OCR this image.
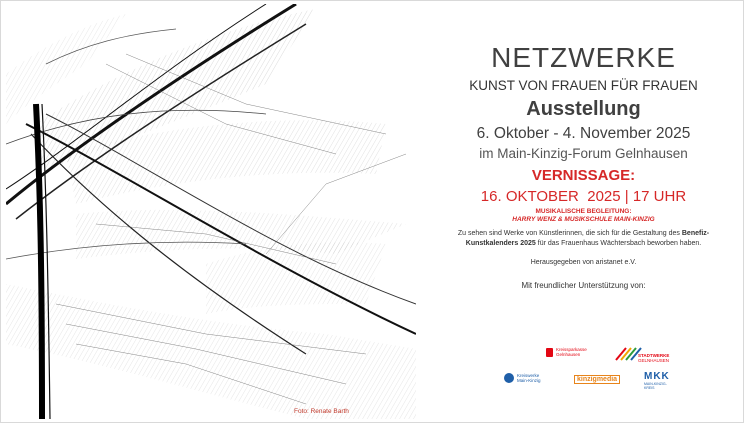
Foto: Renate Barth
NETZWERKE
KUNST VON FRAUEN FÜR FRAUEN
Ausstellung
6. Oktober - 4. November 2025
im Main-Kinzig-Forum Gelnhausen
VERNISSAGE:
16. OKTOBER  2025 | 17 UHR
MUSIKALISCHE BEGLEITUNG:
HARRY WENZ & MUSIKSCHULE MAIN-KINZIG
Zu sehen sind Werke von Künstlerinnen, die sich für die Gestaltung des Benefiz-Kunstkalenders 2025 für das Frauenhaus Wächtersbach beworben haben.
Herausgegeben von aristanet e.V.
Mit freundlicher Unterstützung von:
Kreissparkasse
Gelnhausen	STADTWERKE
GELNHAUSEN
Kreiswerke
Main-Kinzig	kinzigmedia	MKK
MAIN-KINZIG-KREIS
